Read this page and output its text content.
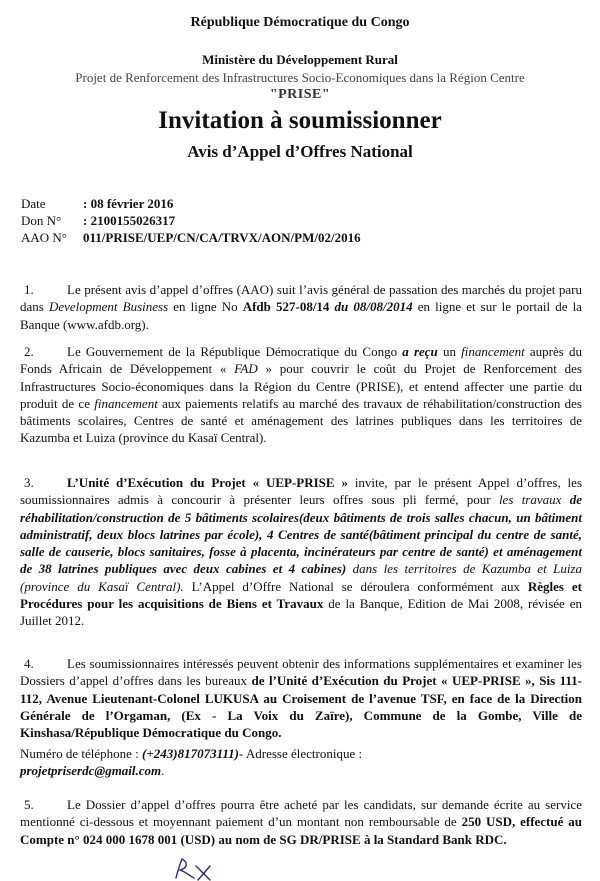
République Démocratique du Congo
Ministère du Développement Rural
Projet de Renforcement des Infrastructures Socio-Economiques dans la Région Centre
"PRISE"
Invitation à soumissionner
Avis d’Appel d’Offres National
Date	: 08 février 2016
Don N° : 2100155026317
AAO N° 011/PRISE/UEP/CN/CA/TRVX/AON/PM/02/2016
1.	Le présent avis d’appel d’offres (AAO) suit l’avis général de passation des marchés du projet paru dans Development Business en ligne No Afdb 527-08/14 du 08/08/2014 en ligne et sur le portail de la Banque (www.afdb.org).
2.	Le Gouvernement de la République Démocratique du Congo a reçu un financement auprès du Fonds Africain de Développement « FAD » pour couvrir le coût du Projet de Renforcement des Infrastructures Socio-économiques dans la Région du Centre (PRISE), et entend affecter une partie du produit de ce financement aux paiements relatifs au marché des travaux de réhabilitation/construction des bâtiments scolaires, Centres de santé et aménagement des latrines publiques dans les territoires de Kazumba et Luiza (province du Kasaï Central).
3.	L’Unité d’Exécution du Projet « UEP-PRISE » invite, par le présent Appel d’offres, les soumissionnaires admis à concourir à présenter leurs offres sous pli fermé, pour les travaux de réhabilitation/construction de 5 bâtiments scolaires(deux bâtiments de trois salles chacun, un bâtiment administratif, deux blocs latrines par école), 4 Centres de santé(bâtiment principal du centre de santé, salle de causerie, blocs sanitaires, fosse à placenta, incinérateurs par centre de santé) et aménagement de 38 latrines publiques avec deux cabines et 4 cabines) dans les territoires de Kazumba et Luiza (province du Kasaï Central). L’Appel d’Offre National se déroulera conformément aux Règles et Procédures pour les acquisitions de Biens et Travaux de la Banque, Edition de Mai 2008, révisée en Juillet 2012.
4.	Les soumissionnaires intéressés peuvent obtenir des informations supplémentaires et examiner les Dossiers d’appel d’offres dans les bureaux de l’Unité d’Exécution du Projet « UEP-PRISE », Sis 111-112, Avenue Lieutenant-Colonel LUKUSA au Croisement de l’avenue TSF, en face de la Direction Générale de l’Orgaman, (Ex - La Voix du Zaïre), Commune de la Gombe, Ville de Kinshasa/République Démocratique du Congo.
Numéro de téléphone : (+243)817073111)- Adresse électronique :
projetpriserdc@gmail.com.
5.	Le Dossier d’appel d’offres pourra être acheté par les candidats, sur demande écrite au service mentionné ci-dessous et moyennant paiement d’un montant non remboursable de 250 USD, effectué au Compte n° 024 000 1678 001 (USD) au nom de SG DR/PRISE à la Standard Bank RDC.
